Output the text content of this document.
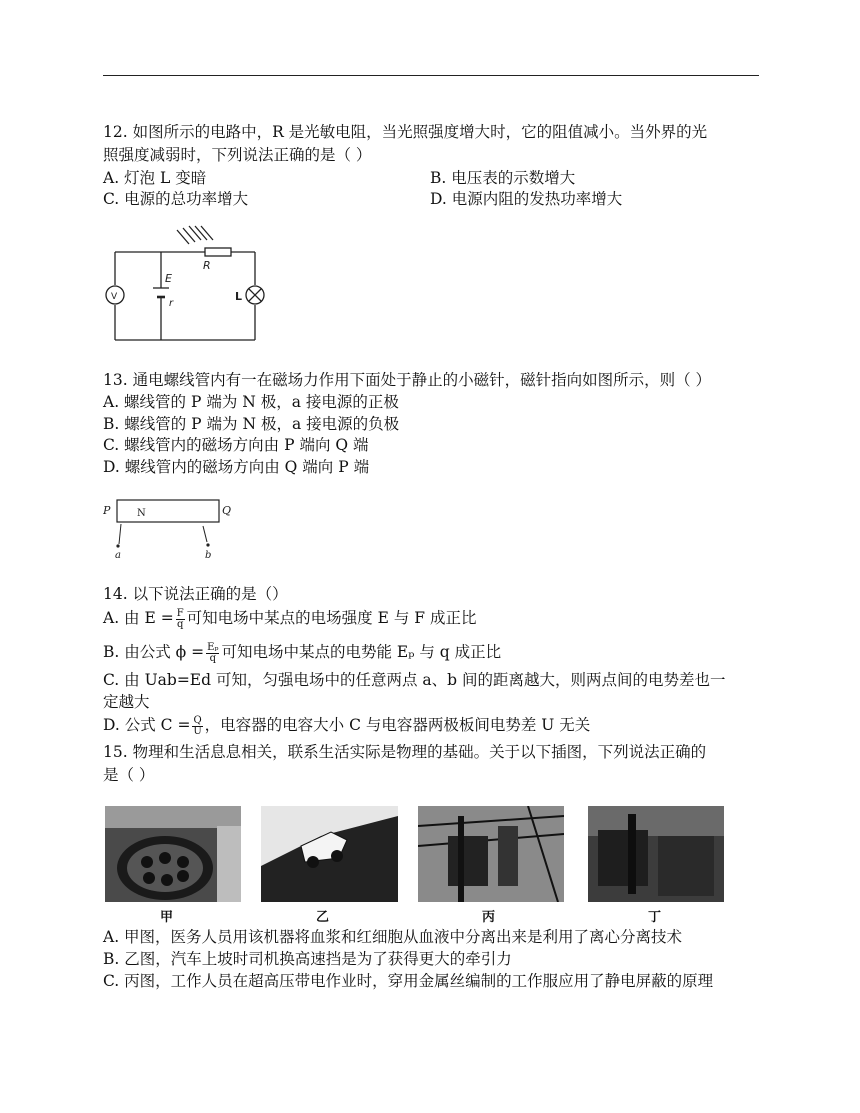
12. 如图所示的电路中，R 是光敏电阻，当光照强度增大时，它的阻值减小。当外界的光
照强度减弱时，下列说法正确的是（ ）
A. 灯泡 L 变暗	B. 电压表的示数增大
C. 电源的总功率增大	D. 电源内阻的发热功率增大
R
E
r
V	L
13. 通电螺线管内有一在磁场力作用下面处于静止的小磁针，磁针指向如图所示，则（ ）
A. 螺线管的 P 端为 N 极，a 接电源的正极
B. 螺线管的 P 端为 N 极，a 接电源的负极
C. 螺线管内的磁场方向由 P 端向 Q 端
D. 螺线管内的磁场方向由 Q 端向 P 端
P	N	Q
a	b
14. 以下说法正确的是（）
A. 由 $E = \frac{F}{q}$ 可知电场中某点的电场强度 E 与 F 成正比
B. 由公式 $\phi = \frac{\text{Eₚ}}{q}$ 可知电场中某点的电势能 Eₚ 与 q 成正比
C. 由 Uab=Ed 可知，匀强电场中的任意两点 a、b 间的距离越大，则两点间的电势差也一
定越大
D. 公式 $C = \frac{Q}{U}$ ，电容器的电容大小 C 与电容器两极板间电势差 U 无关
15. 物理和生活息息相关，联系生活实际是物理的基础。关于以下插图，下列说法正确的
是（ ）
甲	乙	丙	丁
A. 甲图，医务人员用该机器将血浆和红细胞从血液中分离出来是利用了离心分离技术
B. 乙图，汽车上坡时司机换高速挡是为了获得更大的牵引力
C. 丙图，工作人员在超高压带电作业时，穿用金属丝编制的工作服应用了静电屏蔽的原理
